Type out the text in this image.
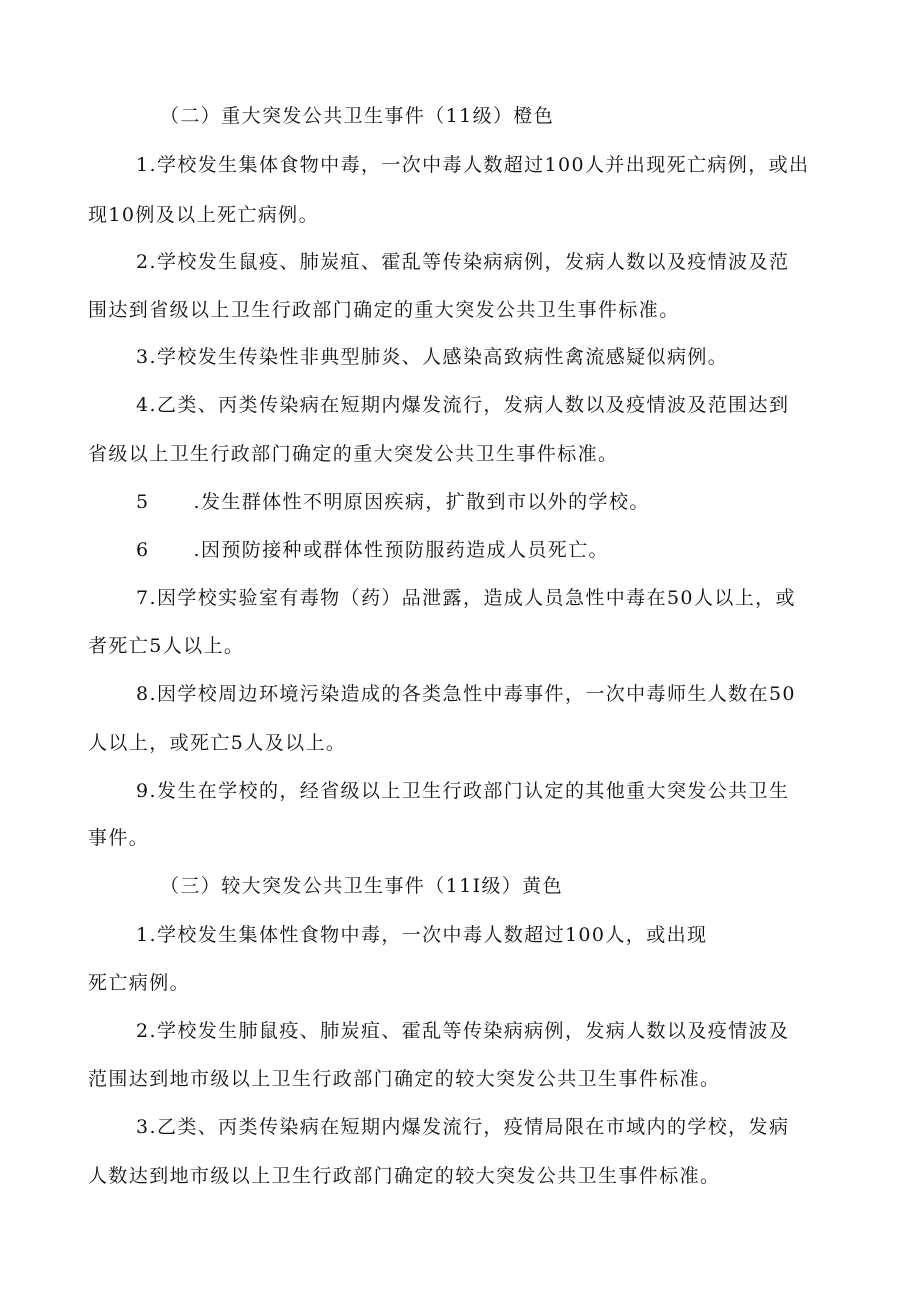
（二）重大突发公共卫生事件（11级）橙色
1.学校发生集体食物中毒，一次中毒人数超过100人并出现死亡病例，或出
现10例及以上死亡病例。
2.学校发生鼠疫、肺炭疽、霍乱等传染病病例，发病人数以及疫情波及范
围达到省级以上卫生行政部门确定的重大突发公共卫生事件标准。
3.学校发生传染性非典型肺炎、人感染高致病性禽流感疑似病例。
4.乙类、丙类传染病在短期内爆发流行，发病人数以及疫情波及范围达到
省级以上卫生行政部门确定的重大突发公共卫生事件标准。
5 .发生群体性不明原因疾病，扩散到市以外的学校。
6 .因预防接种或群体性预防服药造成人员死亡。
7.因学校实验室有毒物（药）品泄露，造成人员急性中毒在50人以上，或
者死亡5人以上。
8.因学校周边环境污染造成的各类急性中毒事件，一次中毒师生人数在50
人以上，或死亡5人及以上。
9.发生在学校的，经省级以上卫生行政部门认定的其他重大突发公共卫生
事件。
（三）较大突发公共卫生事件（11I级）黄色
1.学校发生集体性食物中毒，一次中毒人数超过100人，或出现
死亡病例。
2.学校发生肺鼠疫、肺炭疽、霍乱等传染病病例，发病人数以及疫情波及
范围达到地市级以上卫生行政部门确定的较大突发公共卫生事件标准。
3.乙类、丙类传染病在短期内爆发流行，疫情局限在市域内的学校，发病
人数达到地市级以上卫生行政部门确定的较大突发公共卫生事件标准。
